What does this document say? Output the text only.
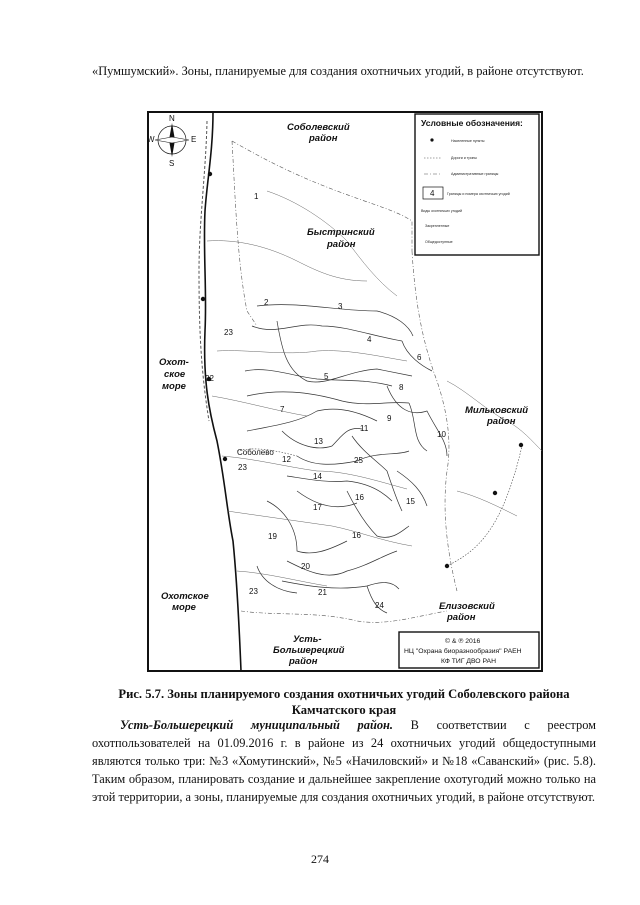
«Пумшумский». Зоны, планируемые для создания охотничьих угодий, в районе отсутствуют.

N
S
E
W
Условные обозначения:
Населенные пункты
Дороги и тропы
Административные границы
4	Границы и номера охотничьих угодий
Виды охотничьих угодий
Закрепленные
Общедоступные
Соболевский
район
Быстринский
район
Мильковский
район
Елизовский
район
Усть-
Большерецкий
район
Охот-
ское
море
Охотское
море
Соболево
1
2	3
4
5
6
7
8
9
10
11
12
13
14
15
16
16
17
19
20
21
22
23
23
23
24
25
© & ℗ 2016
НЦ "Охрана биоразнообразия" РАЕН
КФ ТИГ ДВО РАН

Рис. 5.7. Зоны планируемого создания охотничьих угодий Соболевского района Камчатского края

Усть-Большерецкий муниципальный район. В соответствии с реестром охотпользователей на 01.09.2016 г. в районе из 24 охотничьих угодий общедоступными являются только три: №3 «Хомутинский», №5 «Начиловский» и №18 «Саванский» (рис. 5.8). Таким образом, планировать создание и дальнейшее закрепление охотугодий можно только на этой территории, а зоны, планируемые для создания охотничьих угодий, в районе отсутствуют.

274
